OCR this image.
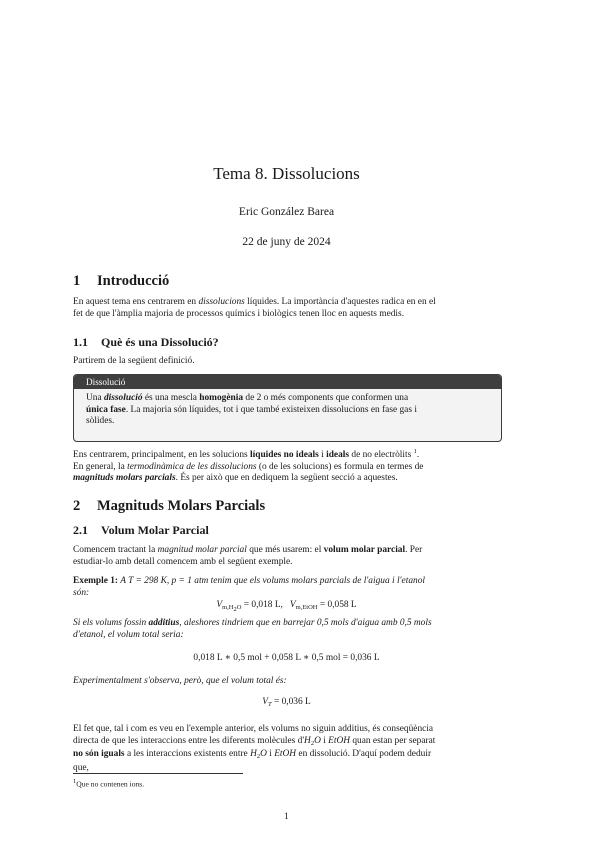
Tema 8. Dissolucions
Eric González Barea
22 de juny de 2024
1 Introducció
En aquest tema ens centrarem en dissolucions líquides. La importància d'aquestes radica en en el
fet de que l'àmplia majoria de processos químics i biològics tenen lloc en aquests medis.
1.1 Què és una Dissolució?
Partirem de la següent definició.
Dissolució
Una dissolució és una mescla homogènia de 2 o més components que conformen una
única fase. La majoria són líquides, tot i que també existeixen dissolucions en fase gas i
sòlides.
Ens centrarem, principalment, en les solucions líquides no ideals i ideals de no electròlits $^1$.
En general, la termodinàmica de les dissolucions (o de les solucions) es formula en termes de
magnituds molars parcials. És per això que en dediquem la següent secció a aquestes.
2 Magnituds Molars Parcials
2.1 Volum Molar Parcial
Comencem tractant la magnitud molar parcial que més usarem: el volum molar parcial. Per
estudiar-lo amb detall comencem amb el següent exemple.
Exemple 1: A T = 298 K, p = 1 atm tenim que els volums molars parcials de l'aigua i l'etanol
són:
$V_{m,H_2O} = 0,018$ L, $V_{m,EtOH} = 0,058$ L
Si els volums fossin additius, aleshores tindriem que en barrejar 0,5 mols d'aigua amb 0,5 mols
d'etanol, el volum total seria:
0,018 L ∗ 0,5 mol + 0,058 L ∗ 0,5 mol = 0,036 L
Experimentalment s'observa, però, que el volum total és:
$V_T = 0,036$ L
El fet que, tal i com es veu en l'exemple anterior, els volums no siguin additius, és conseqüència
directa de que les interaccions entre les diferents molècules $d'H_2O$ i EtOH quan estan per separat
no són iguals a les interaccions existents entre $H_2O$ i EtOH en dissolució. D'aquí podem deduir
que,
$^1$Que no contenen ions.
1
